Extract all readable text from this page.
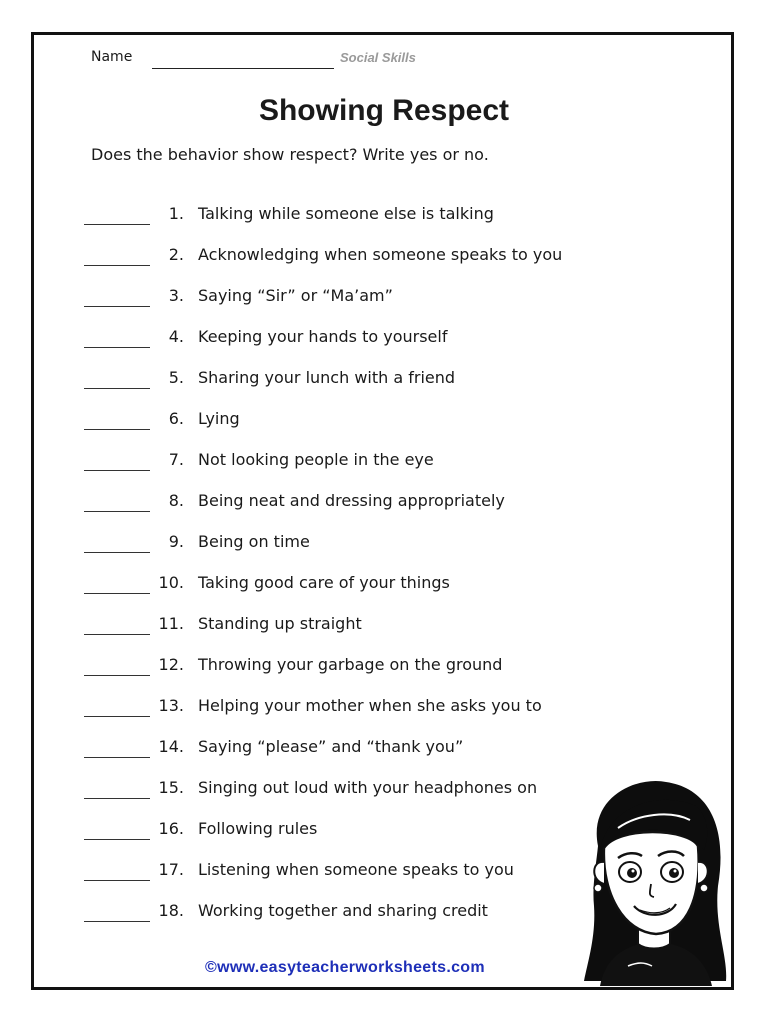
Name	Social Skills
Showing Respect
Does the behavior show respect? Write yes or no.
1. Talking while someone else is talking
2. Acknowledging when someone speaks to you
3. Saying “Sir” or “Ma’am”
4. Keeping your hands to yourself
5. Sharing your lunch with a friend
6. Lying
7. Not looking people in the eye
8. Being neat and dressing appropriately
9. Being on time
10. Taking good care of your things
11. Standing up straight
12. Throwing your garbage on the ground
13. Helping your mother when she asks you to
14. Saying “please” and “thank you”
15. Singing out loud with your headphones on
16. Following rules
17. Listening when someone speaks to you
18. Working together and sharing credit
©www.easyteacherworksheets.com
